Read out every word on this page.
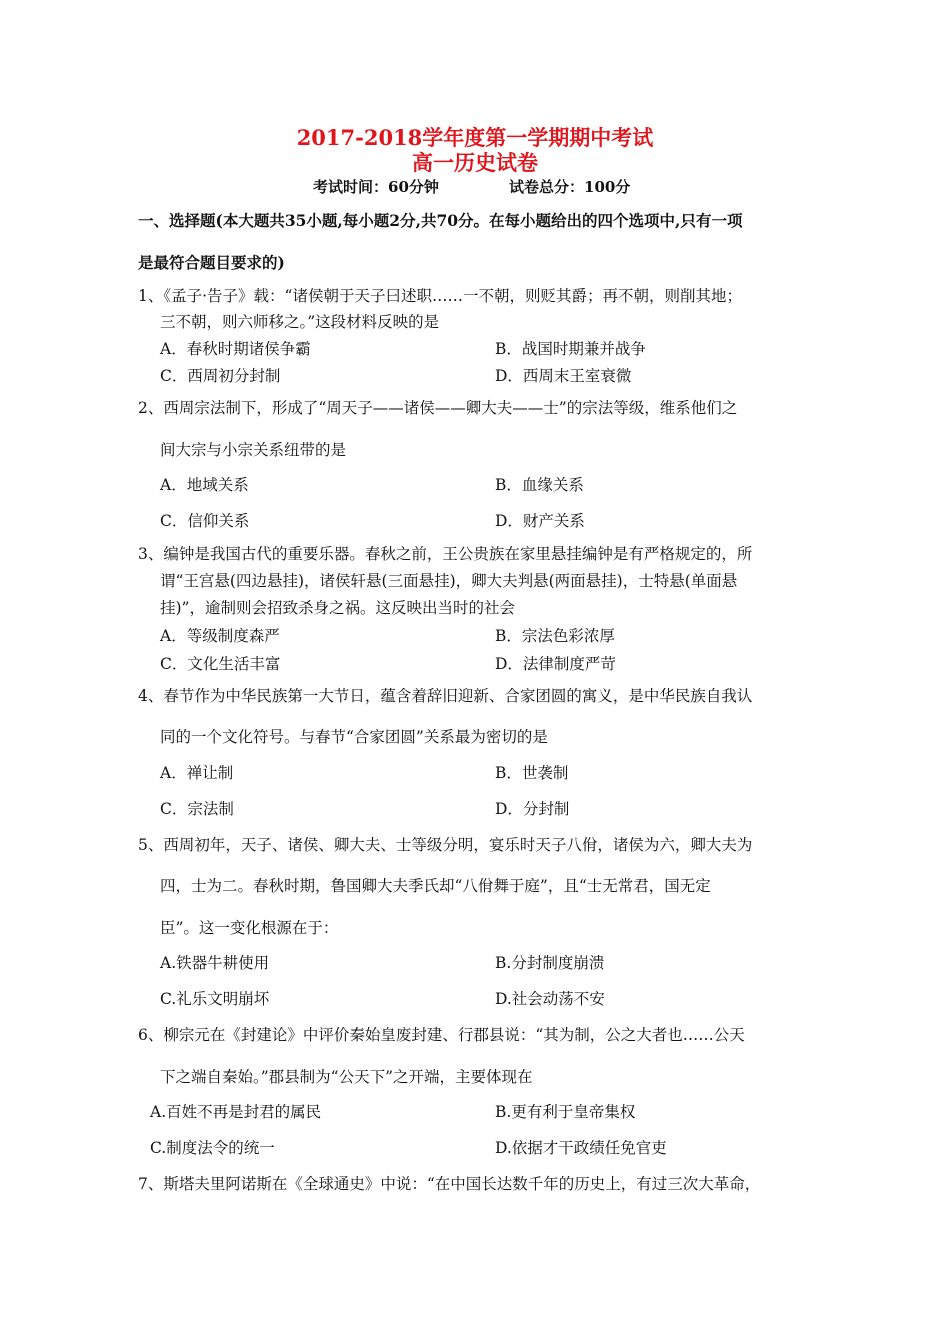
2017-2018学年度第一学期期中考试
高一历史试卷
考试时间：60分钟	试卷总分：100分
一、选择题(本大题共35小题,每小题2分,共70分。在每小题给出的四个选项中,只有一项
是最符合题目要求的)
1、《孟子·告子》载：“诸侯朝于天子曰述职……一不朝，则贬其爵；再不朝，则削其地；
三不朝，则六师移之。”这段材料反映的是
A．春秋时期诸侯争霸	B．战国时期兼并战争
C．西周初分封制	D．西周末王室衰微
2、西周宗法制下，形成了“周天子——诸侯——卿大夫——士”的宗法等级，维系他们之
间大宗与小宗关系纽带的是
A．地域关系	B．血缘关系
C．信仰关系	D．财产关系
3、编钟是我国古代的重要乐器。春秋之前，王公贵族在家里悬挂编钟是有严格规定的，所
谓“王宫悬(四边悬挂)，诸侯轩悬(三面悬挂)，卿大夫判悬(两面悬挂)，士特悬(单面悬
挂)”，逾制则会招致杀身之祸。这反映出当时的社会
A．等级制度森严	B．宗法色彩浓厚
C．文化生活丰富	D．法律制度严苛
4、春节作为中华民族第一大节日，蕴含着辞旧迎新、合家团圆的寓义，是中华民族自我认
同的一个文化符号。与春节“合家团圆”关系最为密切的是
A．禅让制	B．世袭制
C．宗法制	D．分封制
5、西周初年，天子、诸侯、卿大夫、士等级分明，宴乐时天子八佾，诸侯为六，卿大夫为
四，士为二。春秋时期，鲁国卿大夫季氏却“八佾舞于庭”，且“士无常君，国无定
臣”。这一变化根源在于：
A.铁器牛耕使用	B.分封制度崩溃
C.礼乐文明崩坏	D.社会动荡不安
6、柳宗元在《封建论》中评价秦始皇废封建、行郡县说：“其为制，公之大者也……公天
下之端自秦始。”郡县制为“公天下”之开端，主要体现在
A.百姓不再是封君的属民	B.更有利于皇帝集权
C.制度法令的统一	D.依据才干政绩任免官吏
7、斯塔夫里阿诺斯在《全球通史》中说：“在中国长达数千年的历史上，有过三次大革命，
